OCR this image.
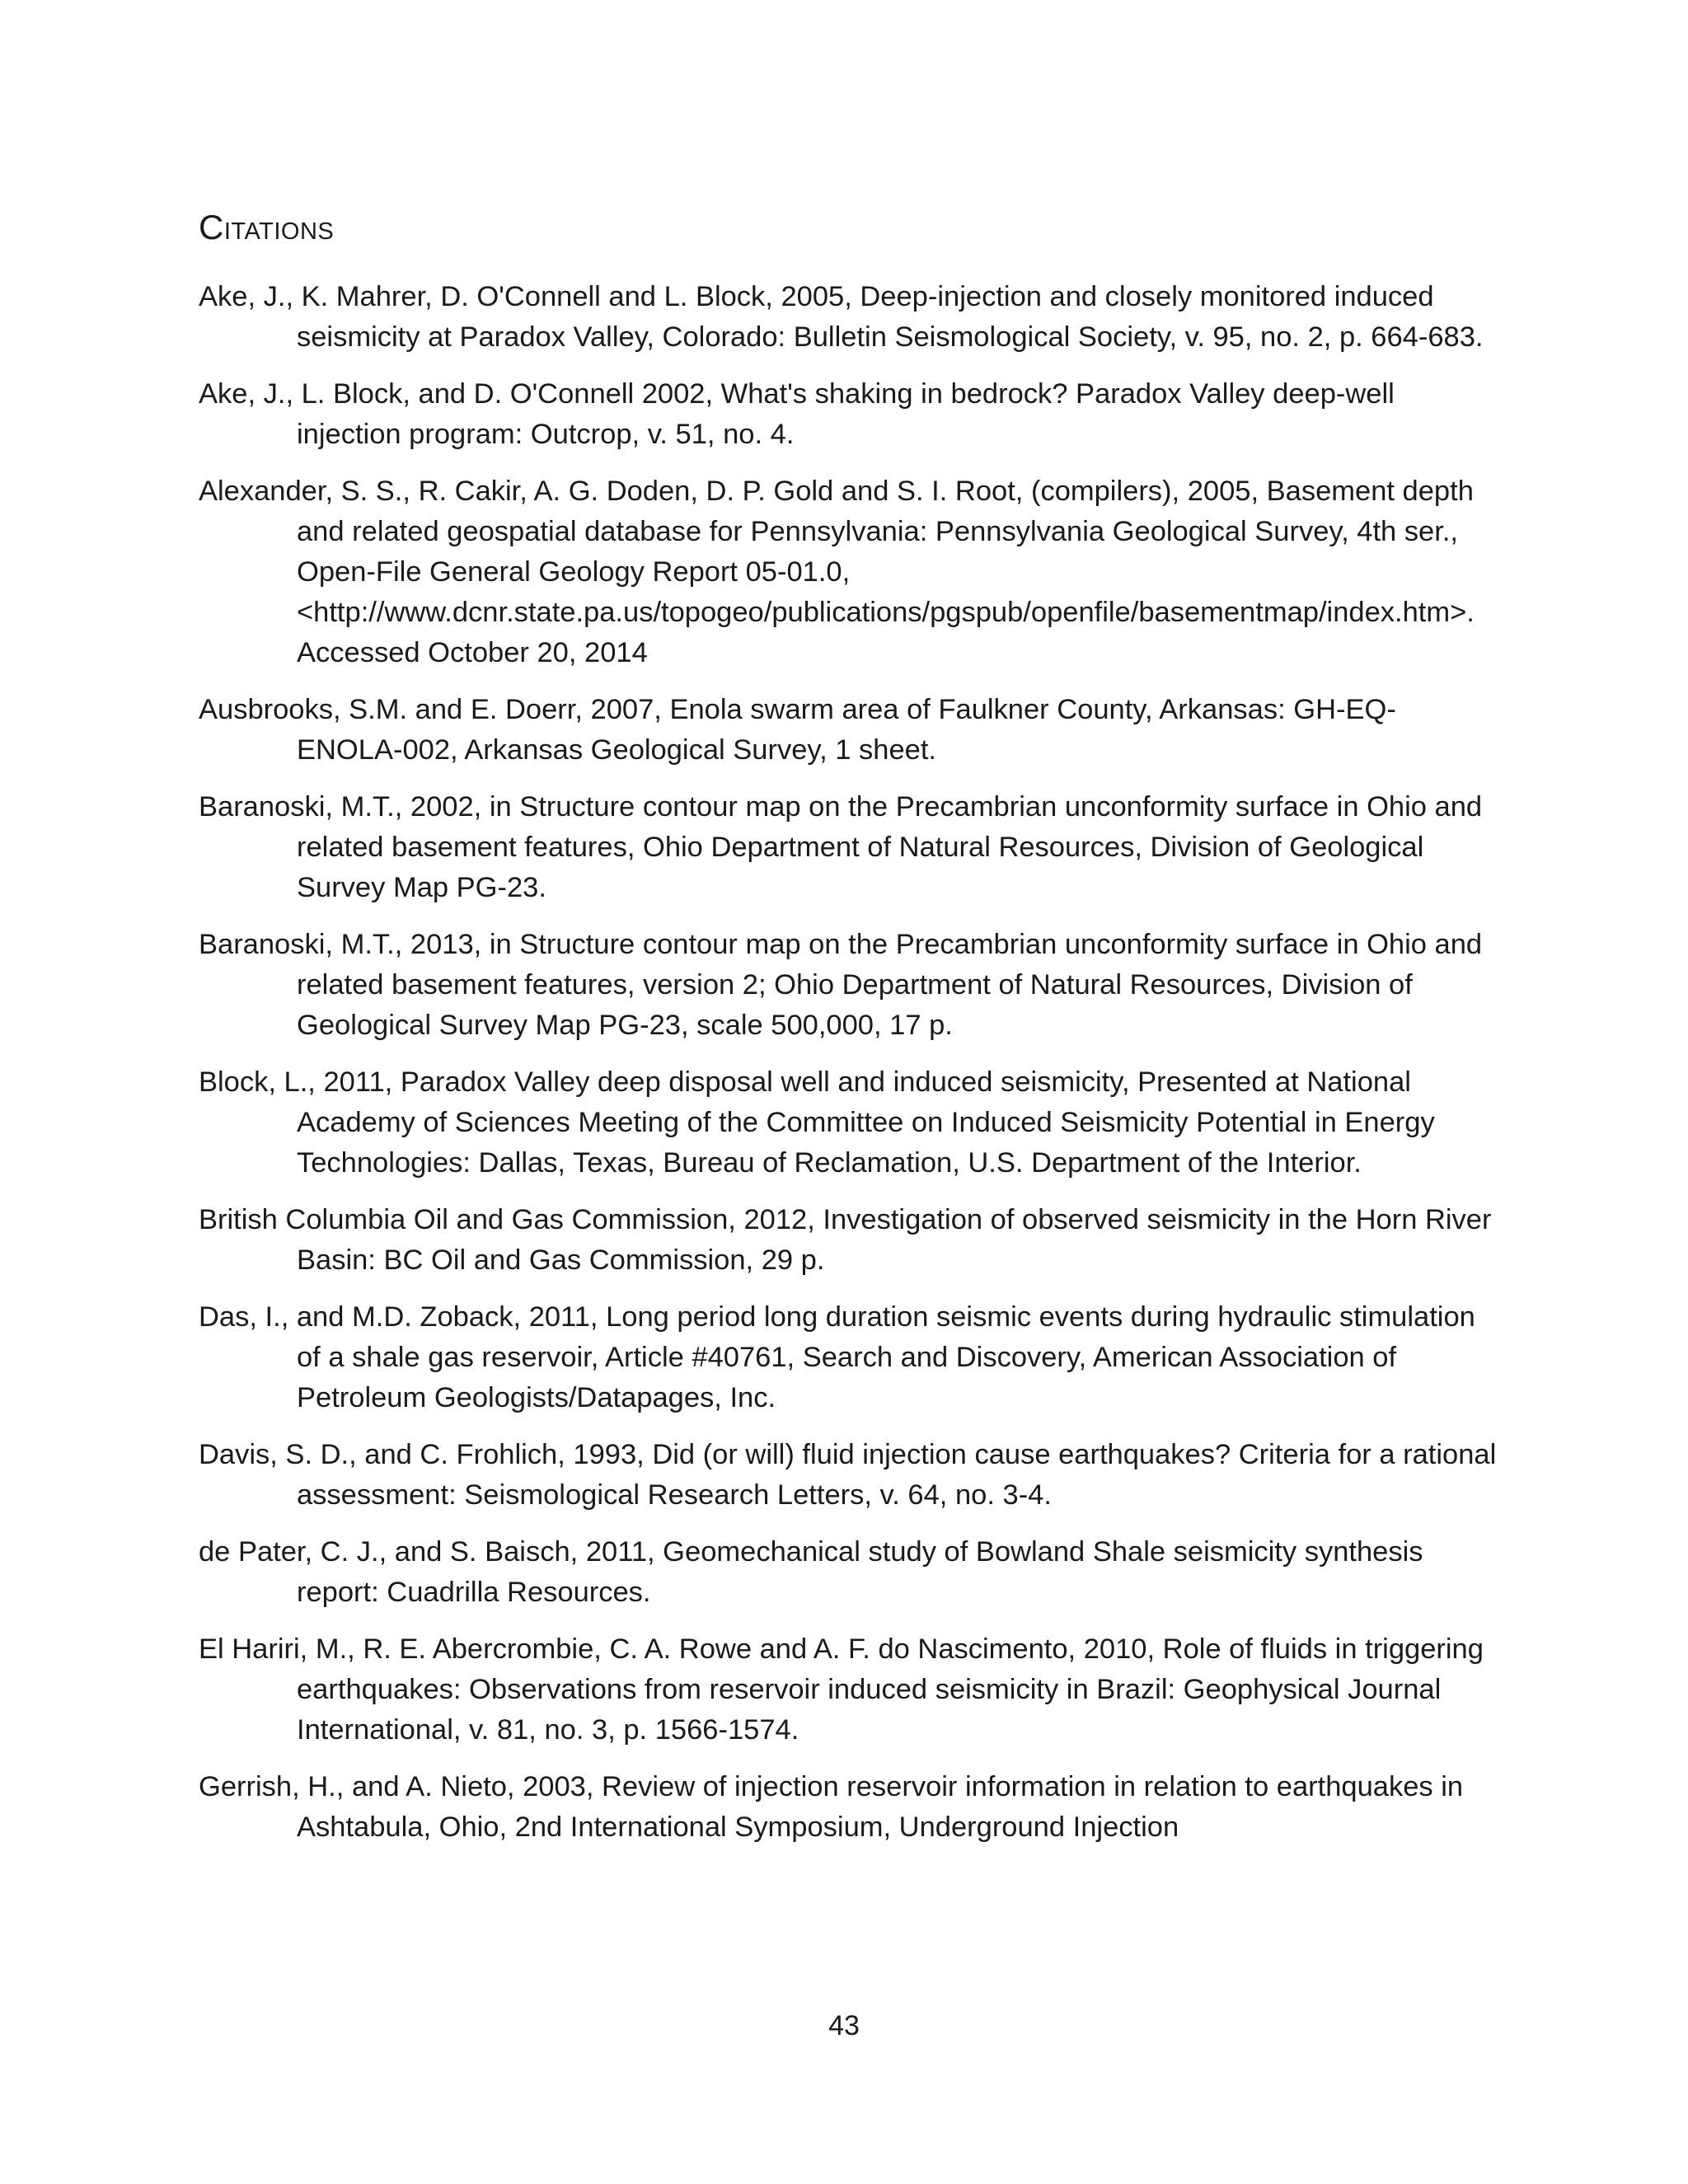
Citations
Ake, J., K. Mahrer, D. O'Connell and L. Block, 2005, Deep-injection and closely monitored induced seismicity at Paradox Valley, Colorado: Bulletin Seismological Society, v. 95, no. 2, p. 664-683.
Ake, J., L. Block, and D. O'Connell 2002, What's shaking in bedrock? Paradox Valley deep-well injection program: Outcrop, v. 51, no. 4.
Alexander, S. S., R. Cakir, A. G. Doden, D. P. Gold and S. I. Root, (compilers), 2005, Basement depth and related geospatial database for Pennsylvania: Pennsylvania Geological Survey, 4th ser., Open-File General Geology Report 05-01.0, <http://www.dcnr.state.pa.us/topogeo/publications/pgspub/openfile/basementmap/index.htm>. Accessed October 20, 2014
Ausbrooks, S.M. and E. Doerr, 2007, Enola swarm area of Faulkner County, Arkansas: GH-EQ-ENOLA-002, Arkansas Geological Survey, 1 sheet.
Baranoski, M.T., 2002, in Structure contour map on the Precambrian unconformity surface in Ohio and related basement features, Ohio Department of Natural Resources, Division of Geological Survey Map PG-23.
Baranoski, M.T., 2013, in Structure contour map on the Precambrian unconformity surface in Ohio and related basement features, version 2; Ohio Department of Natural Resources, Division of Geological Survey Map PG-23, scale 500,000, 17 p.
Block, L., 2011, Paradox Valley deep disposal well and induced seismicity, Presented at National Academy of Sciences Meeting of the Committee on Induced Seismicity Potential in Energy Technologies: Dallas, Texas, Bureau of Reclamation, U.S. Department of the Interior.
British Columbia Oil and Gas Commission, 2012, Investigation of observed seismicity in the Horn River Basin: BC Oil and Gas Commission, 29 p.
Das, I., and M.D. Zoback, 2011, Long period long duration seismic events during hydraulic stimulation of a shale gas reservoir, Article #40761, Search and Discovery, American Association of Petroleum Geologists/Datapages, Inc.
Davis, S. D., and C. Frohlich, 1993, Did (or will) fluid injection cause earthquakes? Criteria for a rational assessment: Seismological Research Letters, v. 64, no. 3-4.
de Pater, C. J., and S. Baisch, 2011, Geomechanical study of Bowland Shale seismicity synthesis report: Cuadrilla Resources.
El Hariri, M., R. E. Abercrombie, C. A. Rowe and A. F. do Nascimento, 2010, Role of fluids in triggering earthquakes: Observations from reservoir induced seismicity in Brazil: Geophysical Journal International, v. 81, no. 3, p. 1566-1574.
Gerrish, H., and A. Nieto, 2003, Review of injection reservoir information in relation to earthquakes in Ashtabula, Ohio, 2nd International Symposium, Underground Injection
43
